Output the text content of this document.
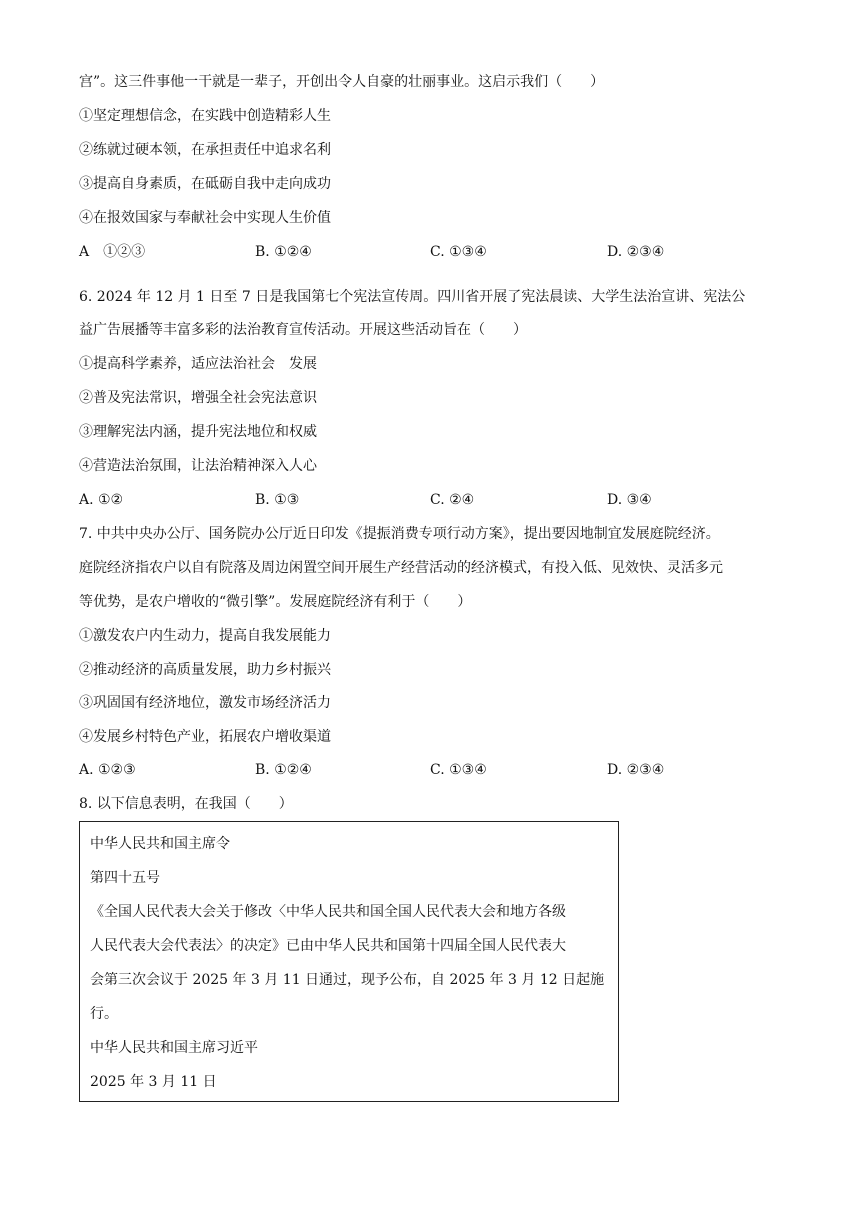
宫”。这三件事他一干就是一辈子，开创出令人自豪的壮丽事业。这启示我们（　　）
①坚定理想信念，在实践中创造精彩人生
②练就过硬本领，在承担责任中追求名利
③提高自身素质，在砥砺自我中走向成功
④在报效国家与奉献社会中实现人生价值
A　①②③	B. ①②④	C. ①③④	D. ②③④
6. 2024 年 12 月 1 日至 7 日是我国第七个宪法宣传周。四川省开展了宪法晨读、大学生法治宣讲、宪法公
益广告展播等丰富多彩的法治教育宣传活动。开展这些活动旨在（　　）
①提高科学素养，适应法治社会　发展
②普及宪法常识，增强全社会宪法意识
③理解宪法内涵，提升宪法地位和权威
④营造法治氛围，让法治精神深入人心
A. ①②	B. ①③	C. ②④	D. ③④
7. 中共中央办公厅、国务院办公厅近日印发《提振消费专项行动方案》，提出要因地制宜发展庭院经济。
庭院经济指农户以自有院落及周边闲置空间开展生产经营活动的经济模式，有投入低、见效快、灵活多元
等优势，是农户增收的“微引擎”。发展庭院经济有利于（　　）
①激发农户内生动力，提高自我发展能力
②推动经济的高质量发展，助力乡村振兴
③巩固国有经济地位，激发市场经济活力
④发展乡村特色产业，拓展农户增收渠道
A. ①②③	B. ①②④	C. ①③④	D. ②③④
8. 以下信息表明，在我国（　　）
中华人民共和国主席令
第四十五号
《全国人民代表大会关于修改〈中华人民共和国全国人民代表大会和地方各级
人民代表大会代表法〉的决定》已由中华人民共和国第十四届全国人民代表大
会第三次会议于 2025 年 3 月 11 日通过，现予公布，自 2025 年 3 月 12 日起施
行。
中华人民共和国主席习近平
2025 年 3 月 11 日
